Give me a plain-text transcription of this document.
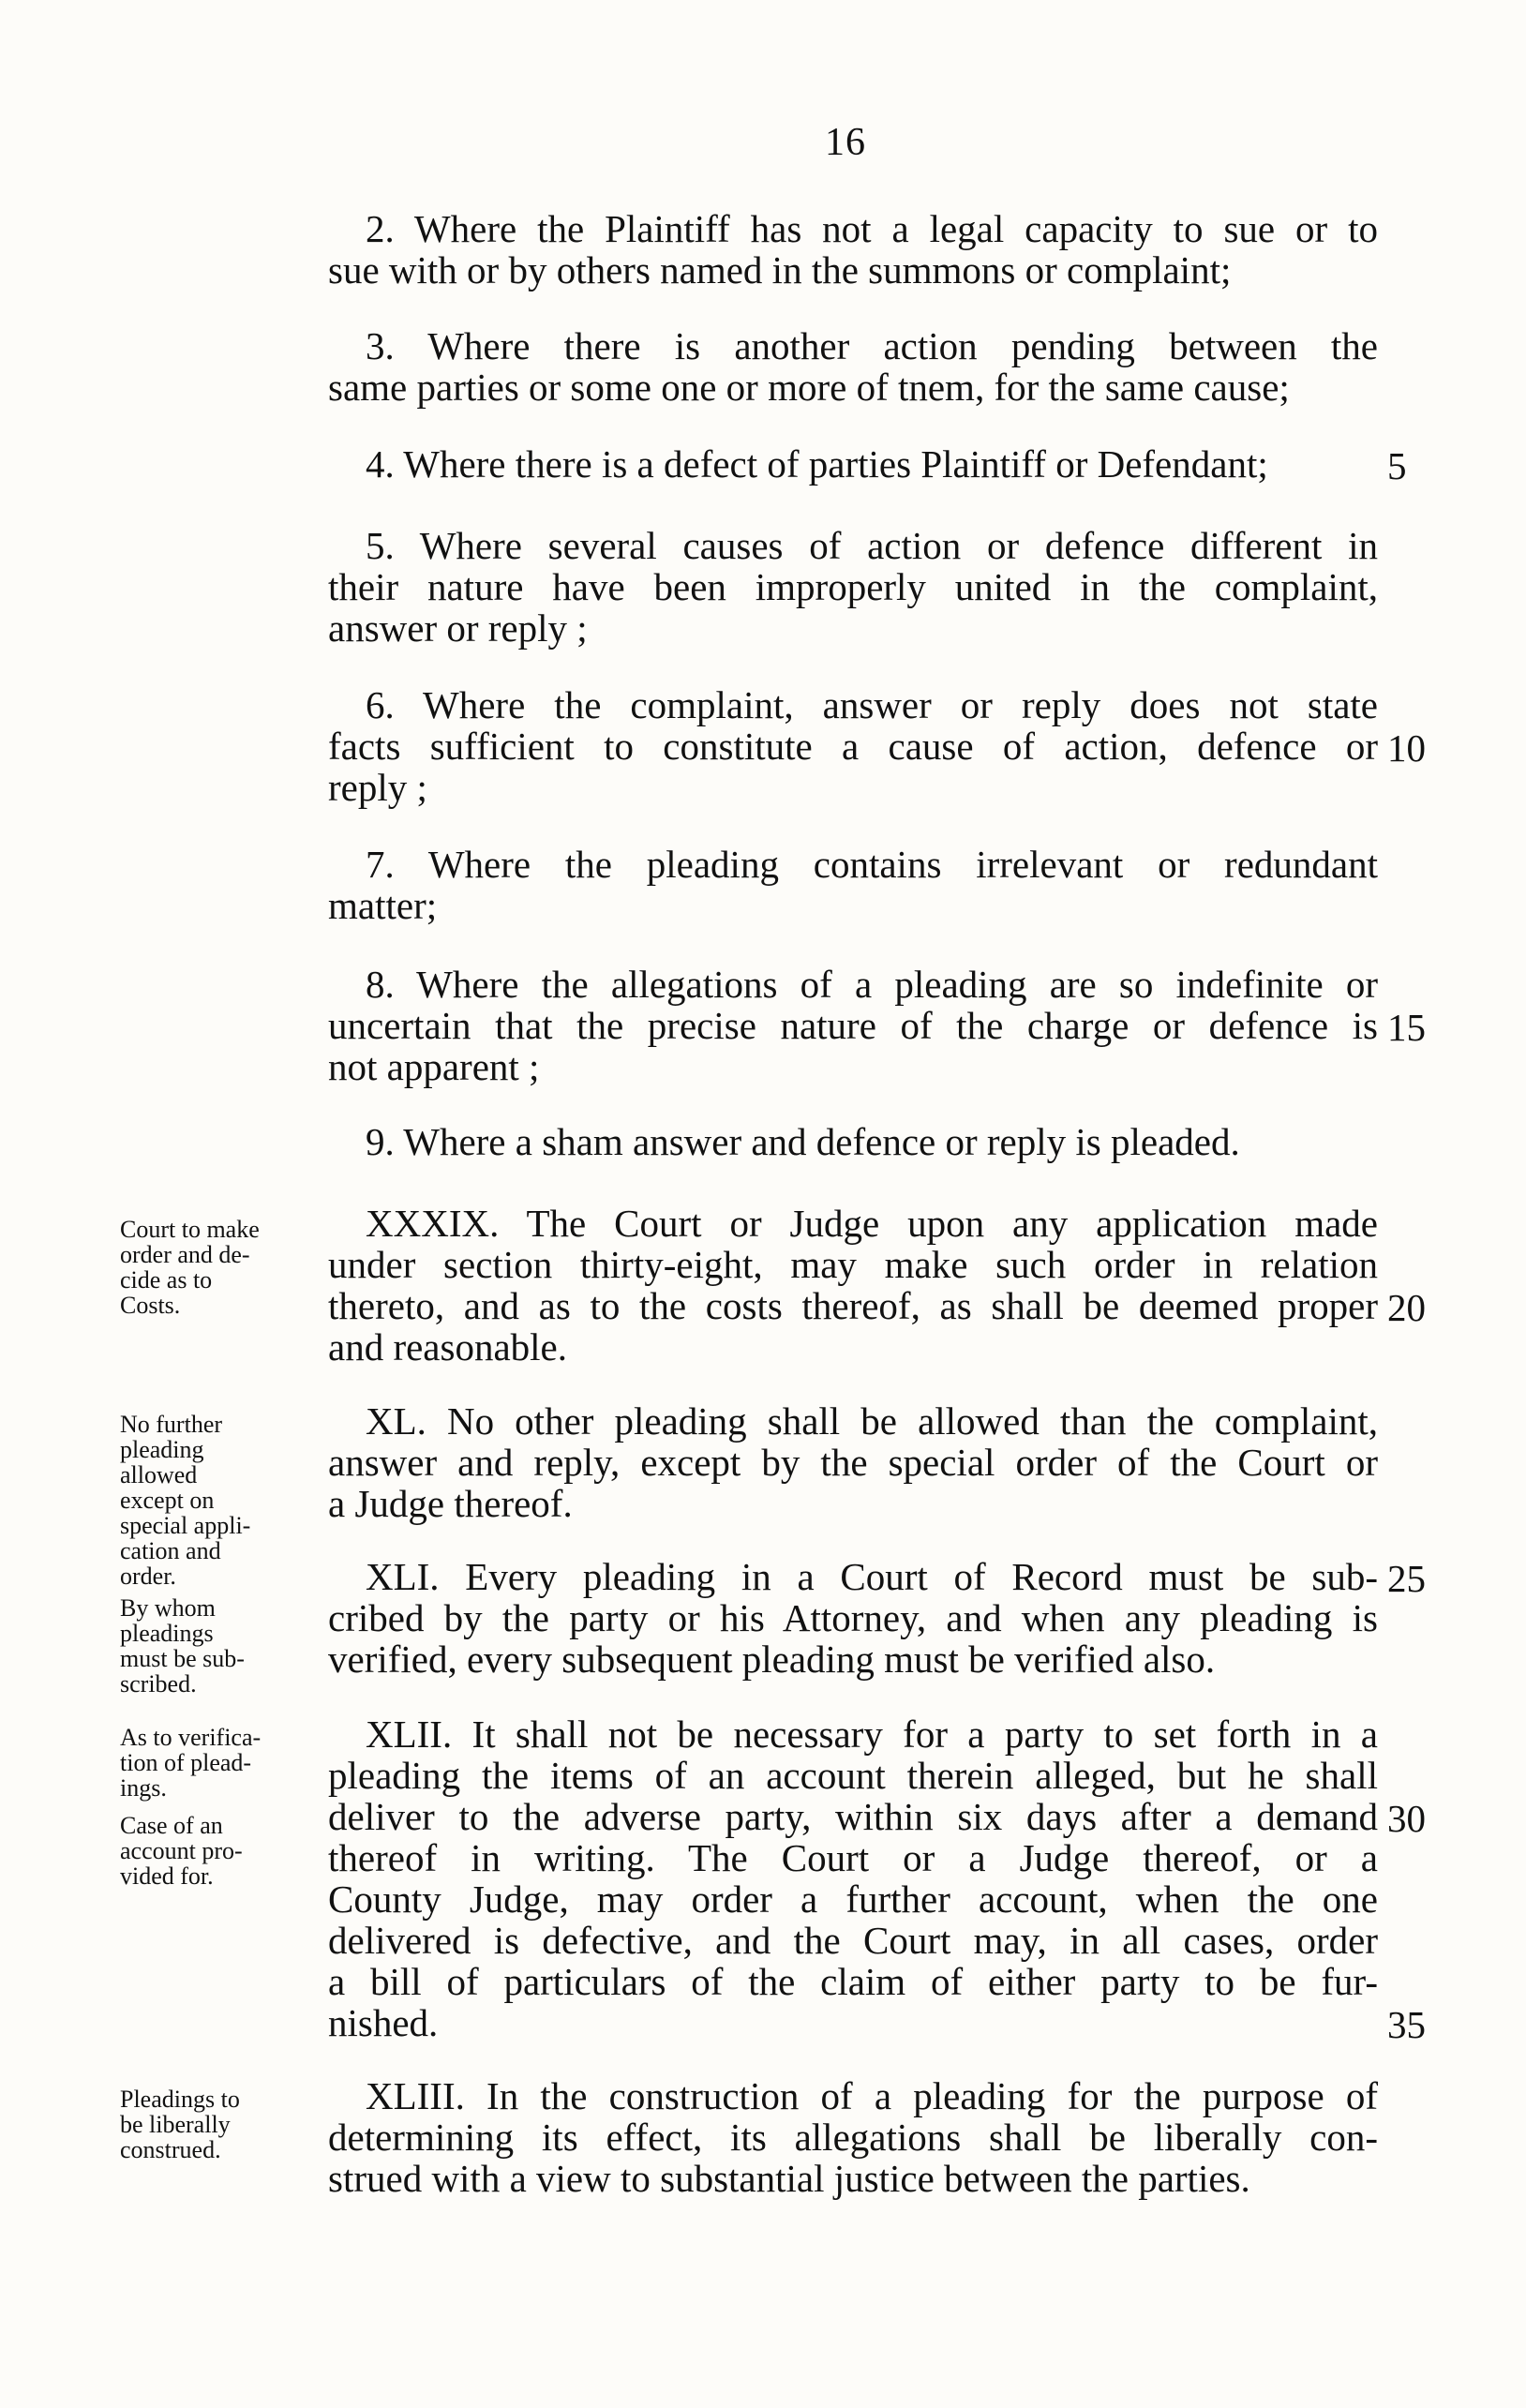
16
2. Where the Plaintiff has not a legal capacity to sue or to
sue with or by others named in the summons or complaint;
3. Where there is another action pending between the
same parties or some one or more of tnem, for the same cause;
4. Where there is a defect of parties Plaintiff or Defendant;	5
5. Where several causes of action or defence different in
their nature have been improperly united in the complaint,
answer or reply ;
6. Where the complaint, answer or reply does not state
facts sufficient to constitute a cause of action, defence or
reply ;
10
7. Where the pleading contains irrelevant or redundant
matter;
8. Where the allegations of a pleading are so indefinite or
uncertain that the precise nature of the charge or defence is
not apparent ;
15
9. Where a sham answer and defence or reply is pleaded.
XXXIX. The Court or Judge upon any application made
under section thirty-eight, may make such order in relation
thereto, and as to the costs thereof, as shall be deemed proper
and reasonable.
20
Court to make
order and de-
cide as to
Costs.
XL. No other pleading shall be allowed than the complaint,
answer and reply, except by the special order of the Court or
a Judge thereof.
No further
pleading
allowed
except on
special appli-
cation and
order.	XLI. Every pleading in a Court of Record must be sub-
cribed by the party or his Attorney, and when any pleading is
verified, every subsequent pleading must be verified also.
25
By whom
pleadings
must be sub-
scribed.
XLII. It shall not be necessary for a party to set forth in a
pleading the items of an account therein alleged, but he shall
deliver to the adverse party, within six days after a demand
thereof in writing. The Court or a Judge thereof, or a
County Judge, may order a further account, when the one
delivered is defective, and the Court may, in all cases, order
a bill of particulars of the claim of either party to be fur-
nished.
30
35
As to verifica-
tion of plead-
ings.
Case of an
account pro-
vided for.
XLIII. In the construction of a pleading for the purpose of
determining its effect, its allegations shall be liberally con-
strued with a view to substantial justice between the parties.
Pleadings to
be liberally
construed.
